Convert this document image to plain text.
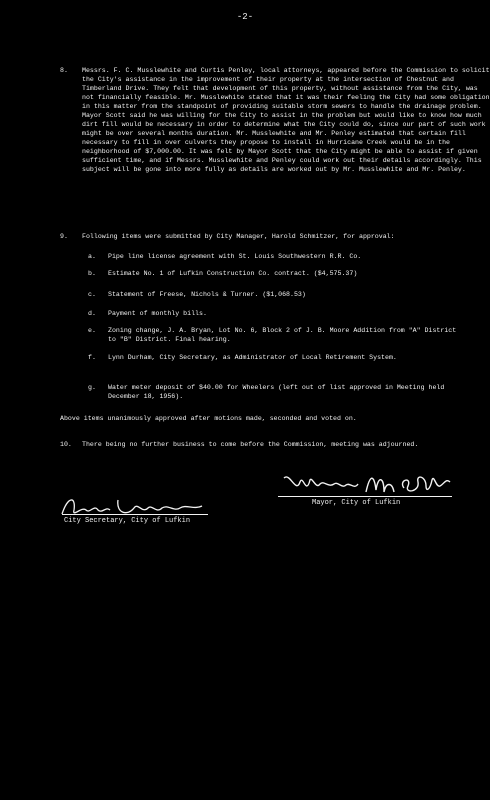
-2-
8. Messrs. F. C. Musslewhite and Curtis Penley, local attorneys, appeared before the Commission to solicit the City's assistance in the improvement of their property at the intersection of Chestnut and Timberland Drive. They felt that development of this property, without assistance from the City, was not financially feasible. Mr. Musslewhite stated that it was their feeling the City had some obligation in this matter from the standpoint of providing suitable storm sewers to handle the drainage problem. Mayor Scott said he was willing for the City to assist in the problem but would like to know how much dirt fill would be necessary in order to determine what the City could do, since our part of such work might be over several months duration. Mr. Musslewhite and Mr. Penley estimated that certain fill necessary to fill in over culverts they propose to install in Hurricane Creek would be in the neighborhood of $7,000.00. It was felt by Mayor Scott that the City might be able to assist if given sufficient time, and if Messrs. Musslewhite and Penley could work out their details accordingly. This subject will be gone into more fully as details are worked out by Mr. Musslewhite and Mr. Penley.
9. Following items were submitted by City Manager, Harold Schmitzer, for approval:
a. Pipe line license agreement with St. Louis Southwestern R.R. Co.
b. Estimate No. 1 of Lufkin Construction Co. contract. ($4,575.37)
c. Statement of Freese, Nichols & Turner. ($1,068.53)
d. Payment of monthly bills.
e. Zoning change, J. A. Bryan, Lot No. 6, Block 2 of J. B. Moore Addition from "A" District to "B" District. Final hearing.
f. Lynn Durham, City Secretary, as Administrator of Local Retirement System.
g. Water meter deposit of $40.00 for Wheelers (left out of list approved in Meeting held December 18, 1956).
Above items unanimously approved after motions made, seconded and voted on.
10. There being no further business to come before the Commission, meeting was adjourned.
City Secretary, City of Lufkin
Mayor, City of Lufkin
